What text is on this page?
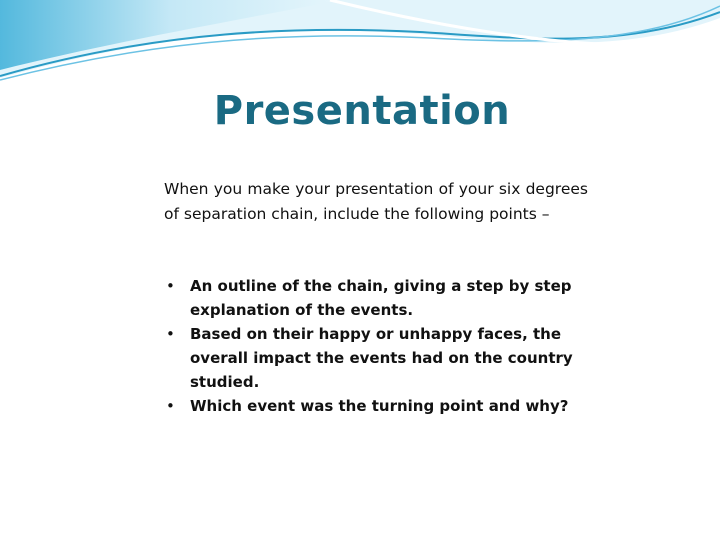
Presentation
When you make your presentation of your six degrees of separation chain, include the following points –
• An outline of the chain, giving a step by step explanation of the events.
• Based on their happy or unhappy faces, the overall impact the events had on the country studied.
• Which event was the turning point and why?
